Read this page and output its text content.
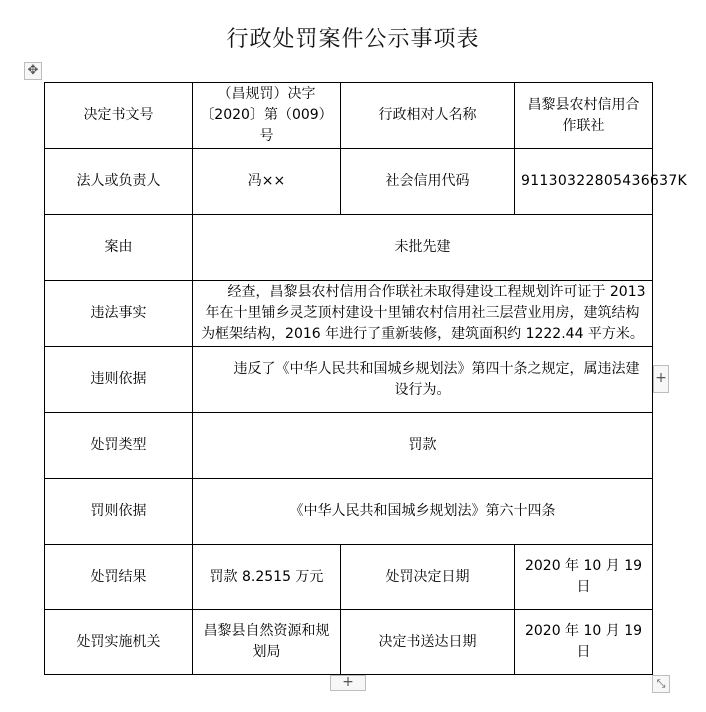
行政处罚案件公示事项表
✥
决定书文号	（昌规罚）决字〔2020〕第（009）号	行政相对人名称	昌黎县农村信用合作联社
法人或负责人	冯××	社会信用代码	91130322805436637K
案由	未批先建		
违法事实	经查，昌黎县农村信用合作联社未取得建设工程规划许可证于 2013 年在十里铺乡灵芝顶村建设十里铺农村信用社三层营业用房，建筑结构为框架结构，2016 年进行了重新装修，建筑面积约 1222.44 平方米。		
违则依据	违反了《中华人民共和国城乡规划法》第四十条之规定，属违法建设行为。		
处罚类型	罚款		
罚则依据	《中华人民共和国城乡规划法》第六十四条		
处罚结果	罚款 8.2515 万元	处罚决定日期	2020 年 10 月 19 日
处罚实施机关	昌黎县自然资源和规划局	决定书送达日期	2020 年 10 月 19 日
+
+	⤡
